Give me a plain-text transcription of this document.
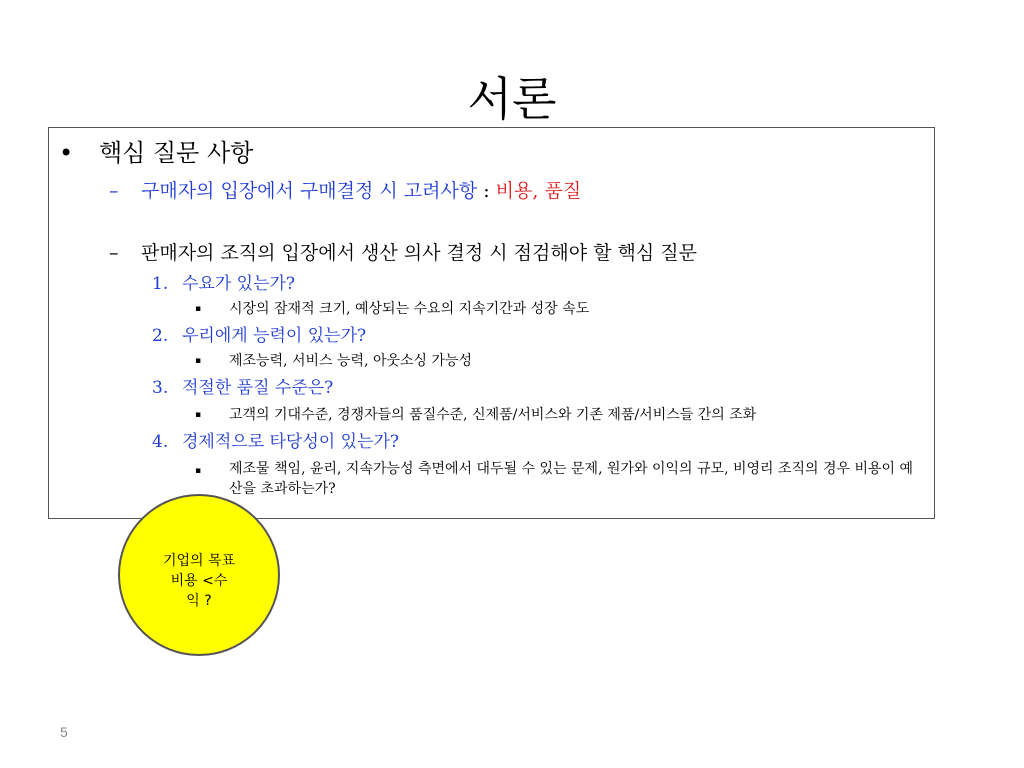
서론
• 핵심 질문 사항
– 구매자의 입장에서 구매결정 시 고려사항 : 비용, 품질
– 판매자의 조직의 입장에서 생산 의사 결정 시 점검해야 할 핵심 질문
1. 수요가 있는가?
▪ 시장의 잠재적 크기, 예상되는 수요의 지속기간과 성장 속도
2. 우리에게 능력이 있는가?
▪ 제조능력, 서비스 능력, 아웃소싱 가능성
3. 적절한 품질 수준은?
▪ 고객의 기대수준, 경쟁자들의 품질수준, 신제품/서비스와 기존 제품/서비스들 간의 조화
4. 경제적으로 타당성이 있는가?
▪	제조물 책임, 윤리, 지속가능성 측면에서 대두될 수 있는 문제, 원가와 이익의 규모, 비영리 조직의 경우 비용이 예산을 초과하는가?
기업의 목표
비용 <수
익 ?
5
